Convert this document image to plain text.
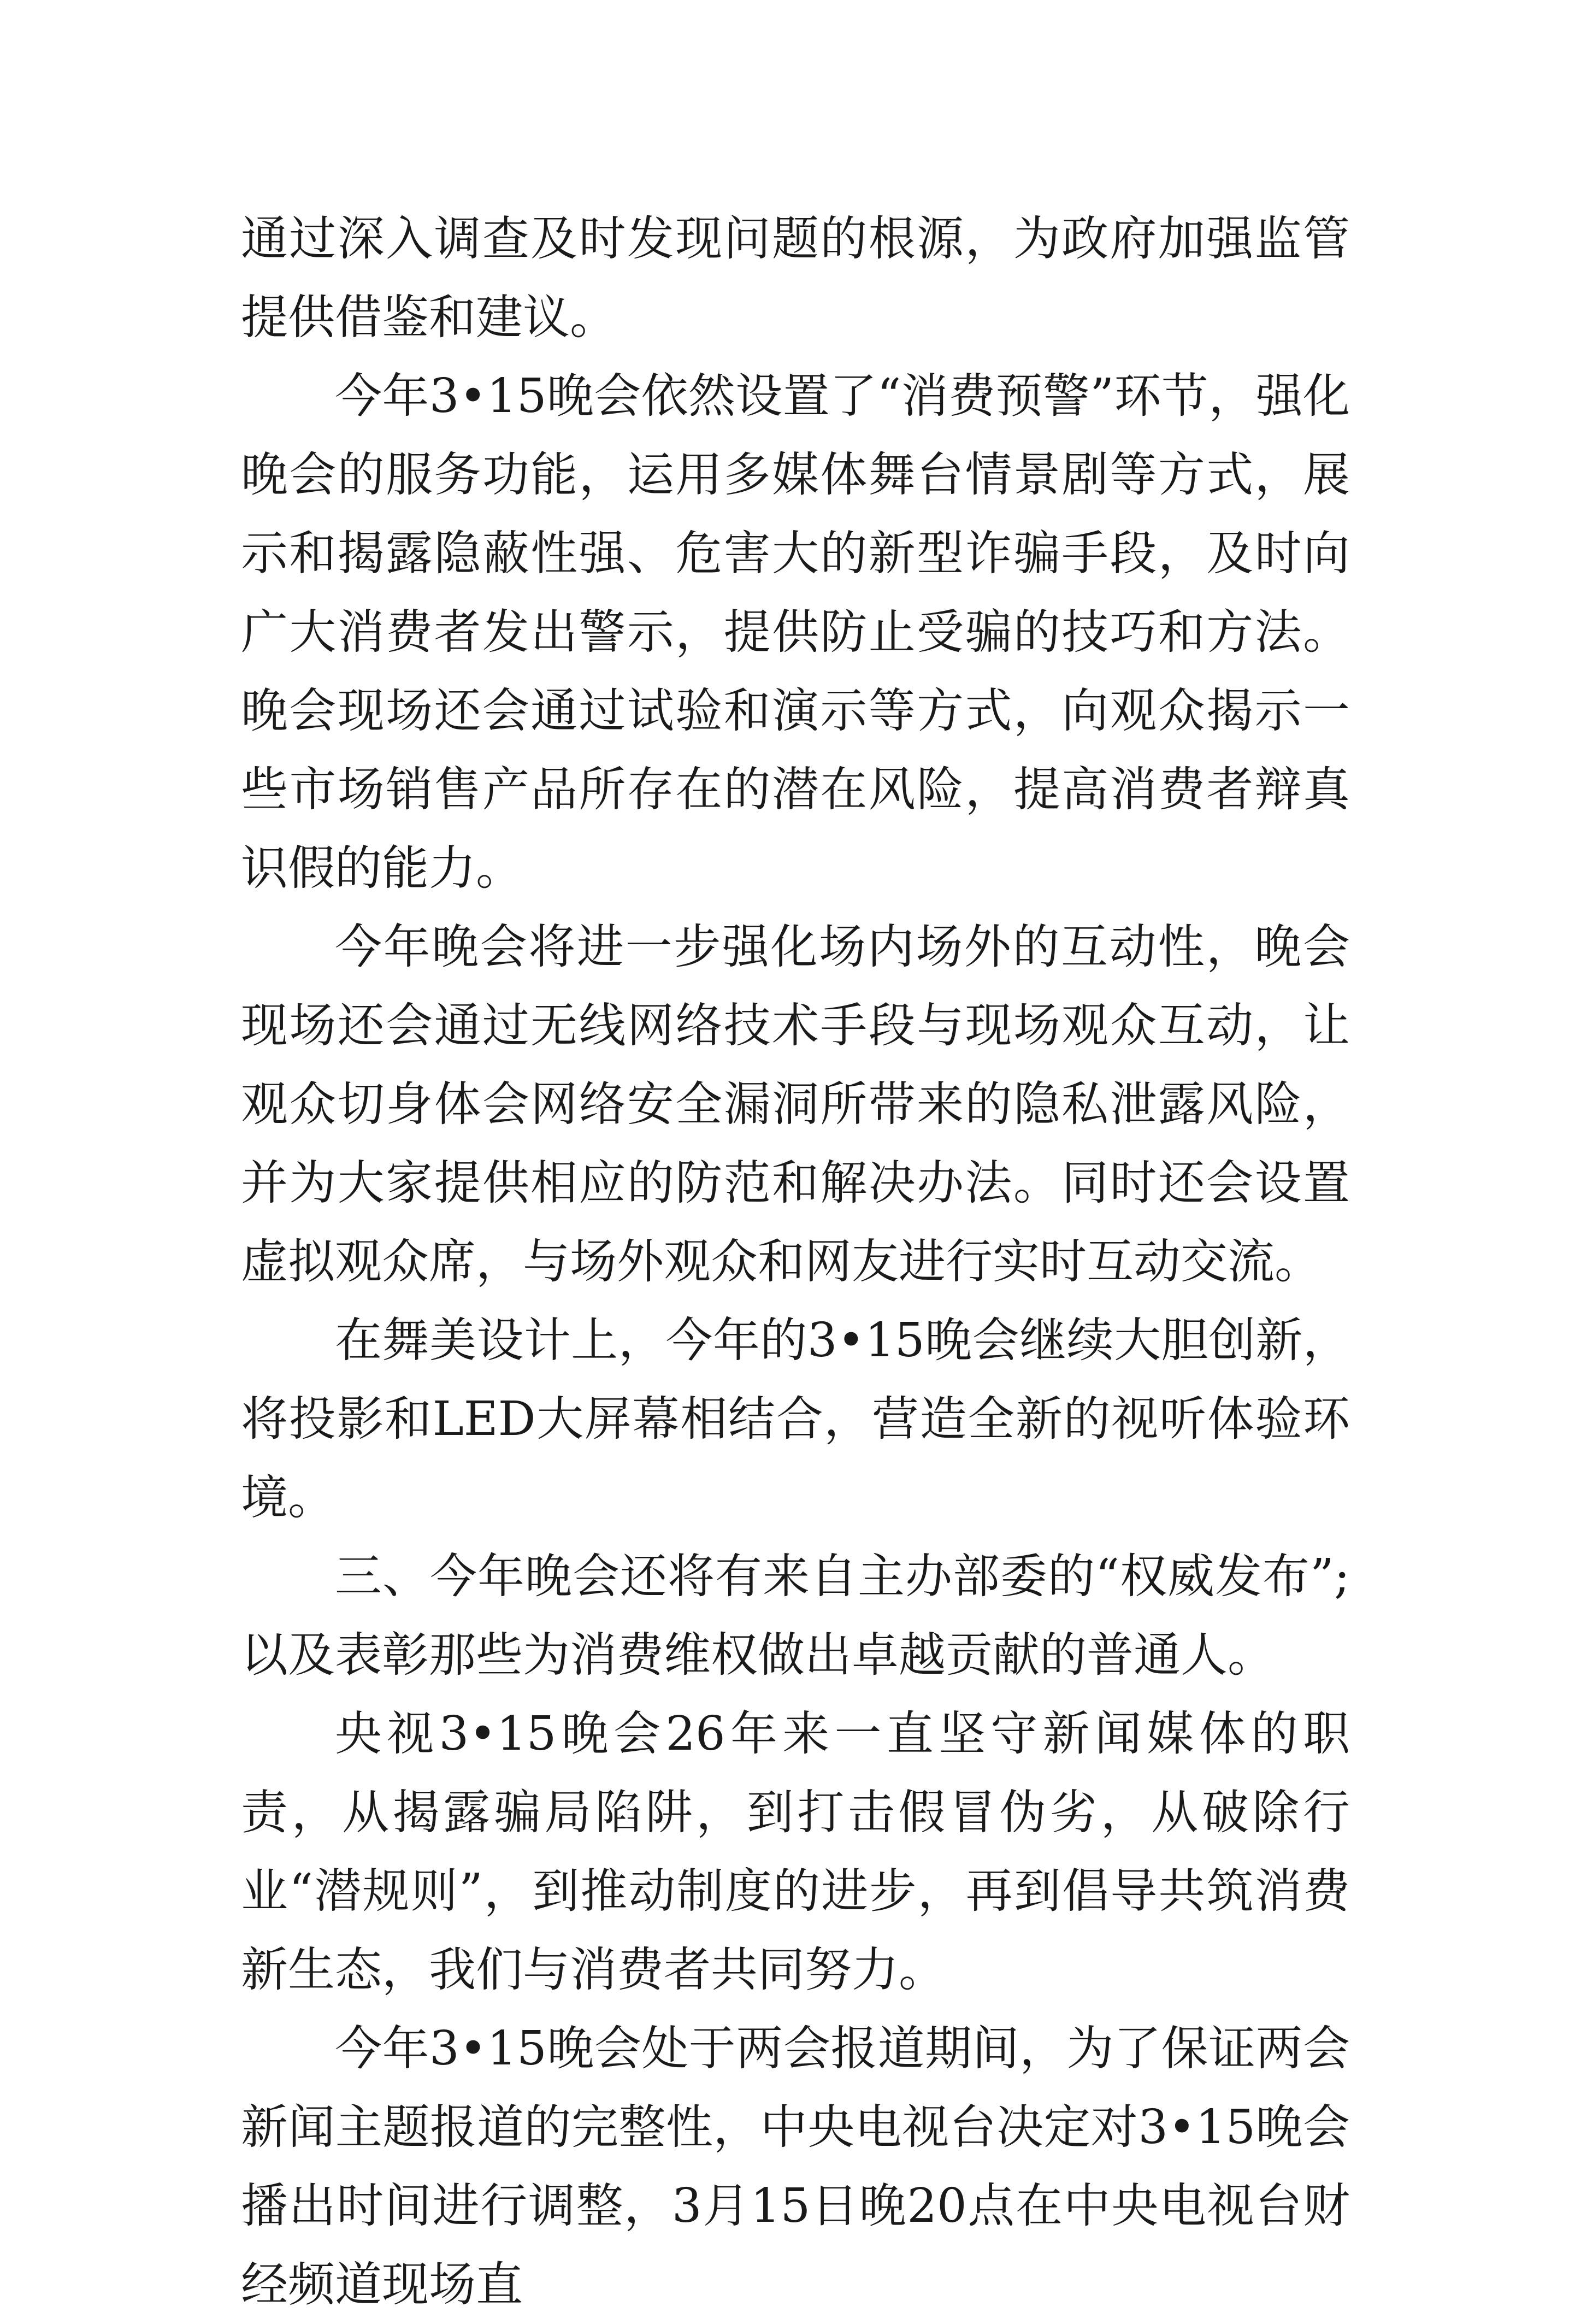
通过深入调查及时发现问题的根源，为政府加强监管提供借鉴和建议。

今年3•15晚会依然设置了“消费预警”环节，强化晚会的服务功能，运用多媒体舞台情景剧等方式，展示和揭露隐蔽性强、危害大的新型诈骗手段，及时向广大消费者发出警示，提供防止受骗的技巧和方法。晚会现场还会通过试验和演示等方式，向观众揭示一些市场销售产品所存在的潜在风险，提高消费者辩真识假的能力。

今年晚会将进一步强化场内场外的互动性，晚会现场还会通过无线网络技术手段与现场观众互动，让观众切身体会网络安全漏洞所带来的隐私泄露风险，并为大家提供相应的防范和解决办法。同时还会设置虚拟观众席，与场外观众和网友进行实时互动交流。

在舞美设计上，今年的3•15晚会继续大胆创新，将投影和LED大屏幕相结合，营造全新的视听体验环境。

三、今年晚会还将有来自主办部委的“权威发布”;以及表彰那些为消费维权做出卓越贡献的普通人。

央视3•15晚会26年来一直坚守新闻媒体的职责，从揭露骗局陷阱，到打击假冒伪劣，从破除行业“潜规则”，到推动制度的进步，再到倡导共筑消费新生态，我们与消费者共同努力。

今年3•15晚会处于两会报道期间，为了保证两会新闻主题报道的完整性，中央电视台决定对3•15晚会播出时间进行调整，3月15日晚20点在中央电视台财经频道现场直
